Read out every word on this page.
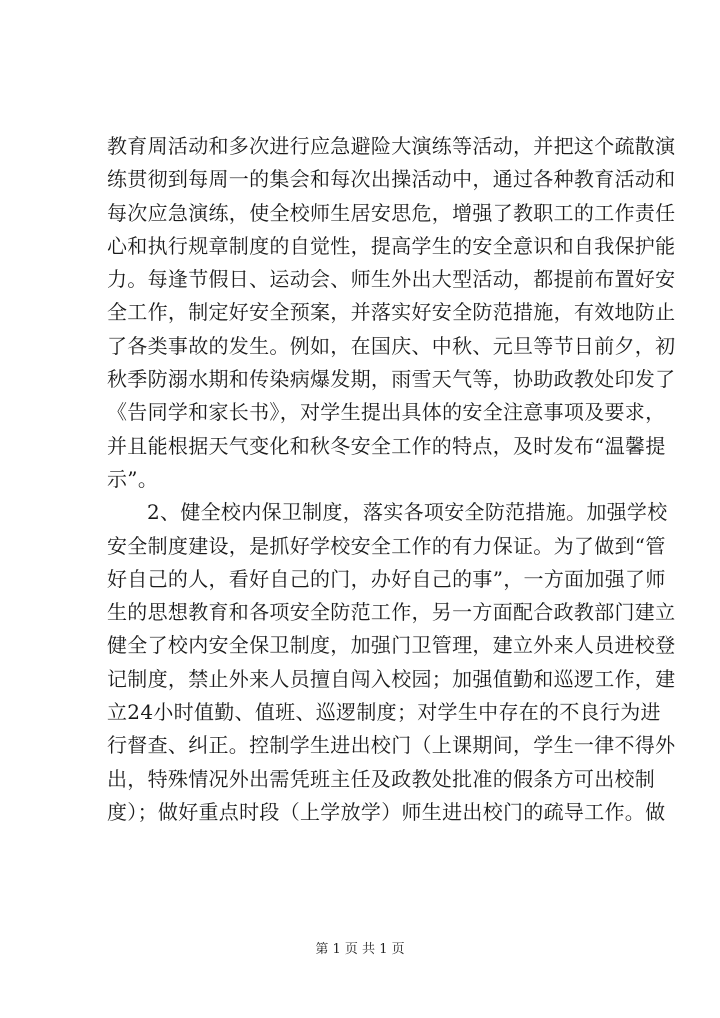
教育周活动和多次进行应急避险大演练等活动，并把这个疏散演
练贯彻到每周一的集会和每次出操活动中，通过各种教育活动和
每次应急演练，使全校师生居安思危，增强了教职工的工作责任
心和执行规章制度的自觉性，提高学生的安全意识和自我保护能
力。每逢节假日、运动会、师生外出大型活动，都提前布置好安
全工作，制定好安全预案，并落实好安全防范措施，有效地防止
了各类事故的发生。例如，在国庆、中秋、元旦等节日前夕，初
秋季防溺水期和传染病爆发期，雨雪天气等，协助政教处印发了
《告同学和家长书》，对学生提出具体的安全注意事项及要求，
并且能根据天气变化和秋冬安全工作的特点，及时发布“温馨提
示”。
2、健全校内保卫制度，落实各项安全防范措施。加强学校
安全制度建设，是抓好学校安全工作的有力保证。为了做到“管
好自己的人，看好自己的门，办好自己的事”，一方面加强了师
生的思想教育和各项安全防范工作，另一方面配合政教部门建立
健全了校内安全保卫制度，加强门卫管理，建立外来人员进校登
记制度，禁止外来人员擅自闯入校园；加强值勤和巡逻工作，建
立24小时值勤、值班、巡逻制度；对学生中存在的不良行为进
行督查、纠正。控制学生进出校门（上课期间，学生一律不得外
出，特殊情况外出需凭班主任及政教处批准的假条方可出校制
度）；做好重点时段（上学放学）师生进出校门的疏导工作。做
第 1 页 共 1 页
